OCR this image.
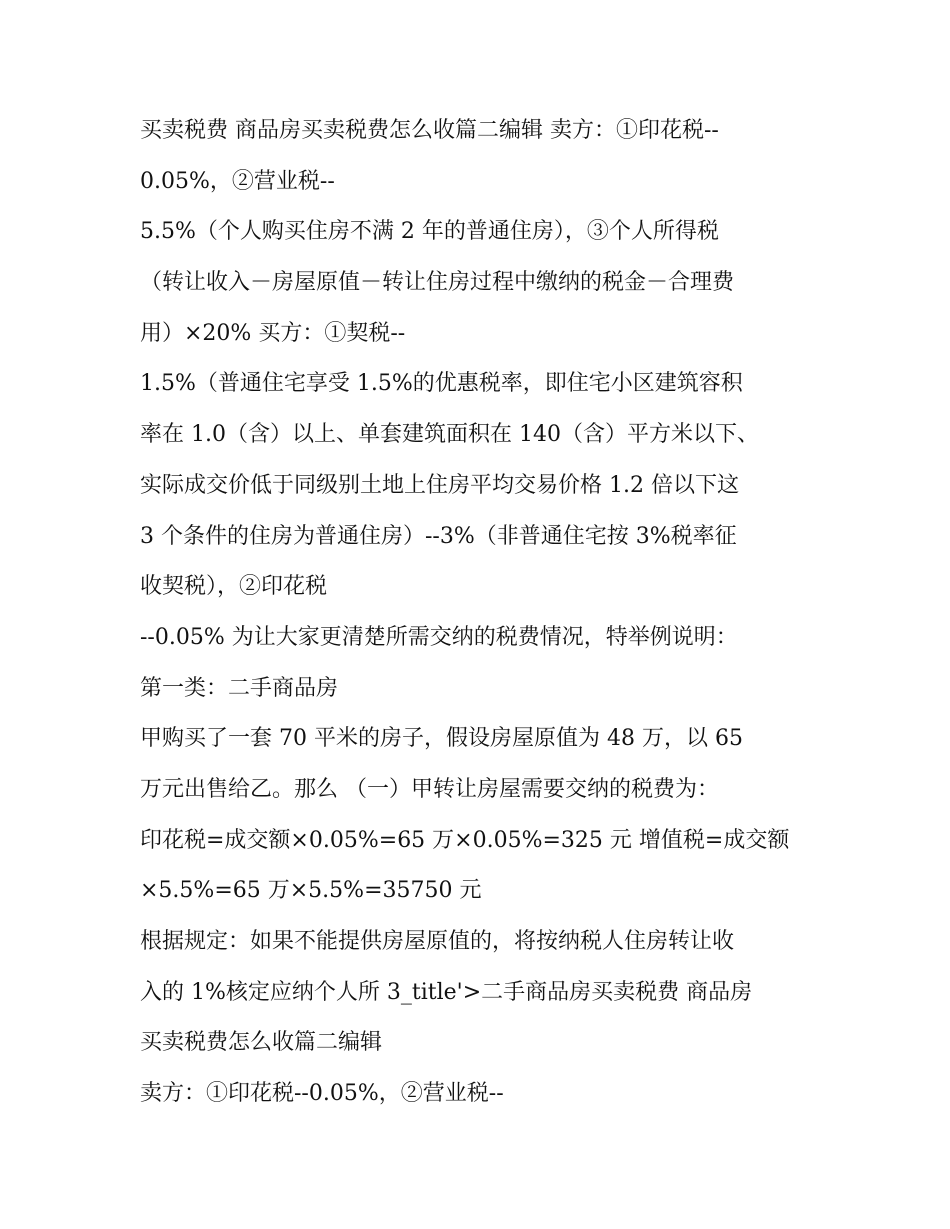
买卖税费 商品房买卖税费怎么收篇二编辑 卖方：①印花税--
0.05%，②营业税--
5.5%（个人购买住房不满 2 年的普通住房），③个人所得税
（转让收入－房屋原值－转让住房过程中缴纳的税金－合理费
用）×20% 买方：①契税--
1.5%（普通住宅享受 1.5%的优惠税率，即住宅小区建筑容积
率在 1.0（含）以上、单套建筑面积在 140（含）平方米以下、
实际成交价低于同级别土地上住房平均交易价格 1.2 倍以下这
3 个条件的住房为普通住房）--3%（非普通住宅按 3%税率征
收契税），②印花税
--0.05% 为让大家更清楚所需交纳的税费情况，特举例说明：
第一类：二手商品房
甲购买了一套 70 平米的房子，假设房屋原值为 48 万，以 65
万元出售给乙。那么 （一）甲转让房屋需要交纳的税费为：
印花税=成交额×0.05%=65 万×0.05%=325 元 增值税=成交额
×5.5%=65 万×5.5%=35750 元
根据规定：如果不能提供房屋原值的，将按纳税人住房转让收
入的 1%核定应纳个人所 3_title'>二手商品房买卖税费 商品房
买卖税费怎么收篇二编辑
卖方：①印花税--0.05%，②营业税--
